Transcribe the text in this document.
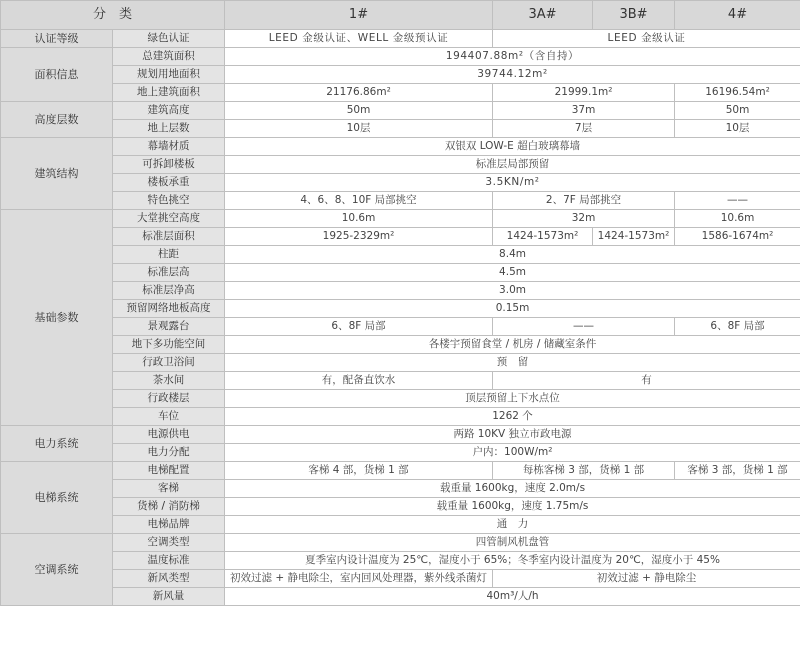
分　类		1#	3A#	3B#	4#
认证等级	绿色认证	LEED 金级认证、WELL 金级预认证	LEED 金级认证		
面积信息	总建筑面积	194407.88m²（含自持）			
	规划用地面积	39744.12m²			
	地上建筑面积	21176.86m²	21999.1m²		16196.54m²
高度层数	建筑高度	50m	37m		50m
	地上层数	10层	7层		10层
建筑结构	幕墙材质	双银双 LOW-E 超白玻璃幕墙			
	可拆卸楼板	标准层局部预留			
	楼板承重	3.5KN/m²			
	特色挑空	4、6、8、10F 局部挑空	2、7F 局部挑空		——
基础参数	大堂挑空高度	10.6m	32m		10.6m
	标准层面积	1925-2329m²	1424-1573m²	1424-1573m²	1586-1674m²
	柱距	8.4m			
	标准层高	4.5m			
	标准层净高	3.0m			
	预留网络地板高度	0.15m			
	景观露台	6、8F 局部	——		6、8F 局部
	地下多功能空间	各楼宇预留食堂 / 机房 / 储藏室条件			
	行政卫浴间	预　留			
	茶水间	有，配备直饮水	有		
	行政楼层	顶层预留上下水点位			
	车位	1262 个			
电力系统	电源供电	两路 10KV 独立市政电源			
	电力分配	户内：100W/m²			
电梯系统	电梯配置	客梯 4 部，货梯 1 部	每栋客梯 3 部，货梯 1 部		客梯 3 部，货梯 1 部
	客梯	载重量 1600kg，速度 2.0m/s			
	货梯 / 消防梯	载重量 1600kg，速度 1.75m/s			
	电梯品牌	通　力			
空调系统	空调类型	四管制风机盘管			
	温度标准	夏季室内设计温度为 25℃，湿度小于 65%；冬季室内设计温度为 20℃，湿度小于 45%			
	新风类型	初效过滤 + 静电除尘，室内回风处理器，紫外线杀菌灯	初效过滤 + 静电除尘		
	新风量	40m³/人/h			
